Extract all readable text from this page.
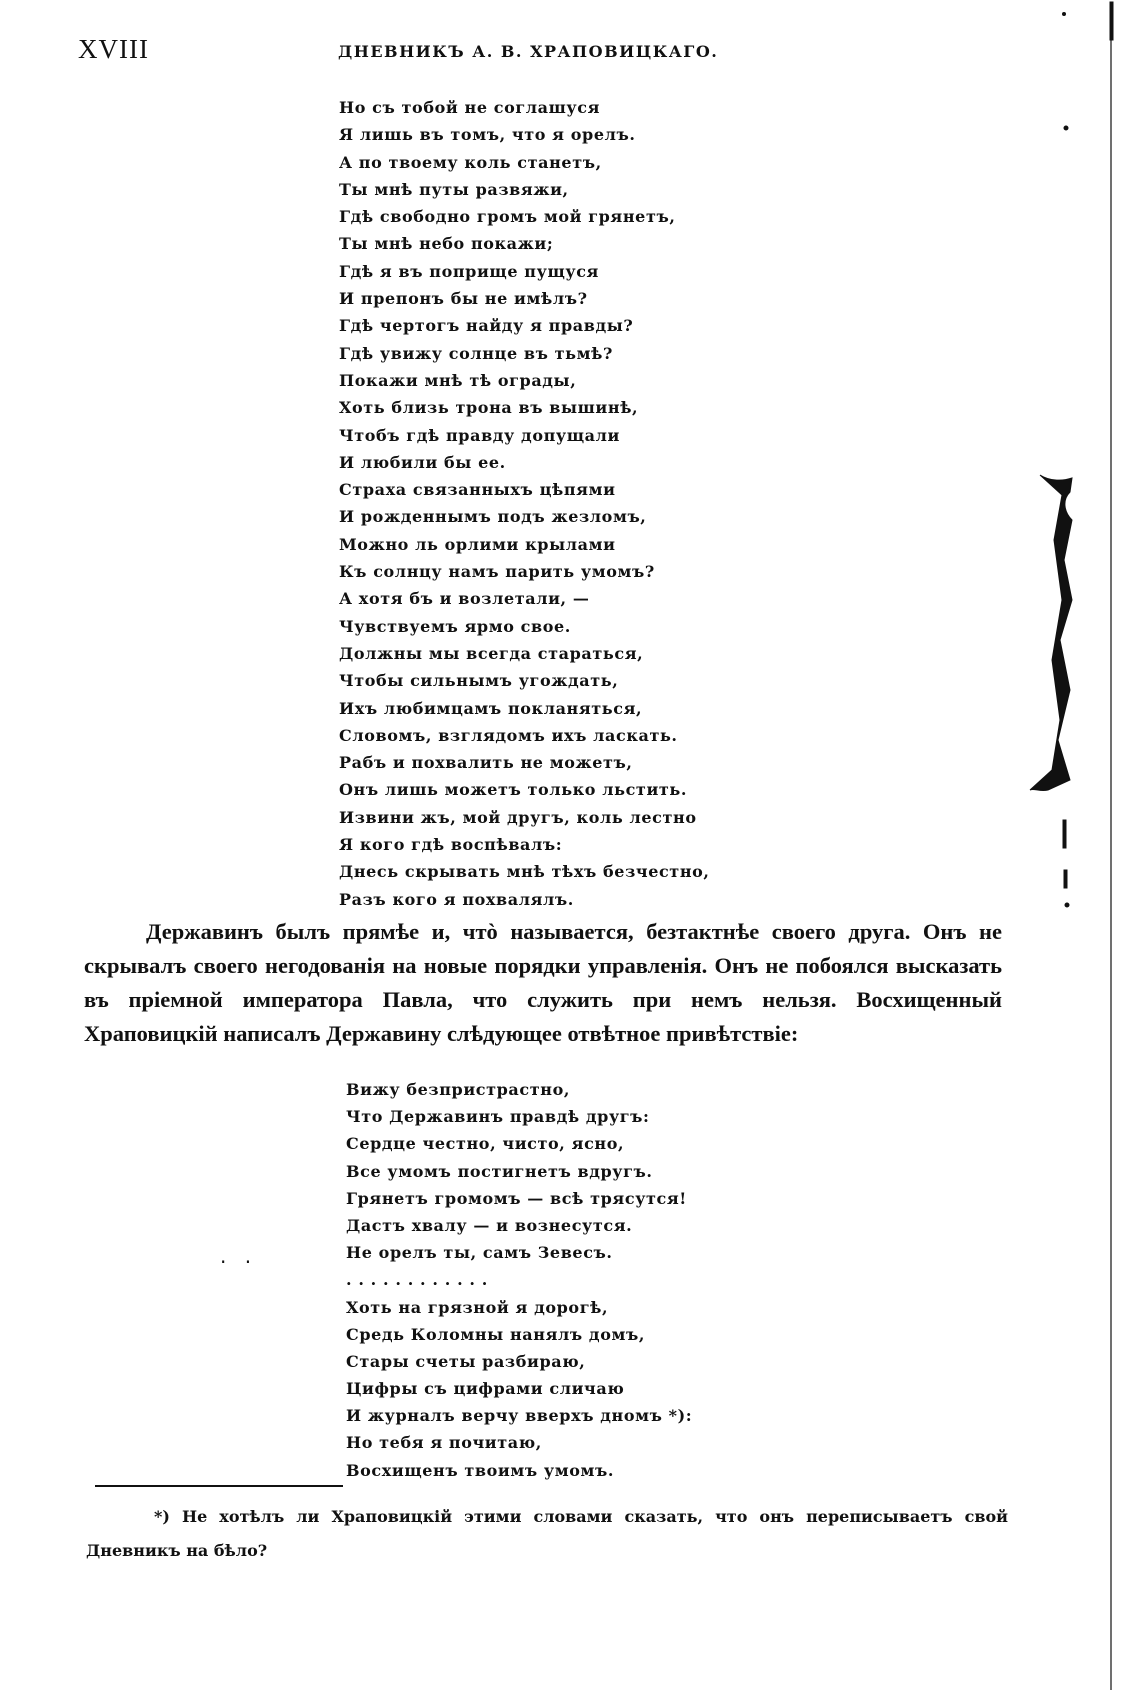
XVIII	ДНЕВНИКЪ А. В. ХРАПОВИЦКАГО.
Но съ тобой не соглашуся
Я лишь въ томъ, что я орелъ.
А по твоему коль станетъ,
Ты мнѣ путы развяжи,
Гдѣ свободно громъ мой грянетъ,
Ты мнѣ небо покажи;
Гдѣ я въ поприще пущуся
И препонъ бы не имѣлъ?
Гдѣ чертогъ найду я правды?
Гдѣ увижу солнце въ тьмѣ?
Покажи мнѣ тѣ ограды,
Хоть близь трона въ вышинѣ,
Чтобъ гдѣ правду допущали
И любили бы ее.
Страха связанныхъ цѣпями
И рожденнымъ подъ жезломъ,
Можно ль орлими крылами
Къ солнцу намъ парить умомъ?
А хотя бъ и возлетали, —
Чувствуемъ ярмо свое.
Должны мы всегда стараться,
Чтобы сильнымъ угождать,
Ихъ любимцамъ покланяться,
Словомъ, взглядомъ ихъ ласкать.
Рабъ и похвалить не можетъ,
Онъ лишь можетъ только льстить.
Извини жъ, мой другъ, коль лестно
Я кого гдѣ воспѣвалъ:
Днесь скрывать мнѣ тѣхъ безчестно,
Разъ кого я похвалялъ.

Державинъ былъ прямѣе и, чтò называется, безтактнѣе своего друга. Онъ не скрывалъ своего негодованія на новые порядки управленія. Онъ не побоялся высказать въ пріемной императора Павла, что служить при немъ нельзя. Восхищенный Храповицкій написалъ Державину слѣдующее отвѣтное привѣтствіе:

Вижу безпристрастно,
Что Державинъ правдѣ другъ:
Сердце честно, чисто, ясно,
Все умомъ постигнетъ вдругъ.
Грянетъ громомъ — всѣ трясутся!
Дастъ хвалу — и вознесутся.
Не орелъ ты, самъ Зевесъ.
. . . . . . . . . . . .
Хоть на грязной я дорогѣ,
Средь Коломны нанялъ домъ,
Стары счеты разбираю,
Цифры съ цифрами сличаю
И журналъ верчу вверхъ дномъ *):
Но тебя я почитаю,
Восхищенъ твоимъ умомъ.
. .

*) Не хотѣлъ ли Храповицкій этими словами сказать, что онъ переписываетъ свой Дневникъ на бѣло?
